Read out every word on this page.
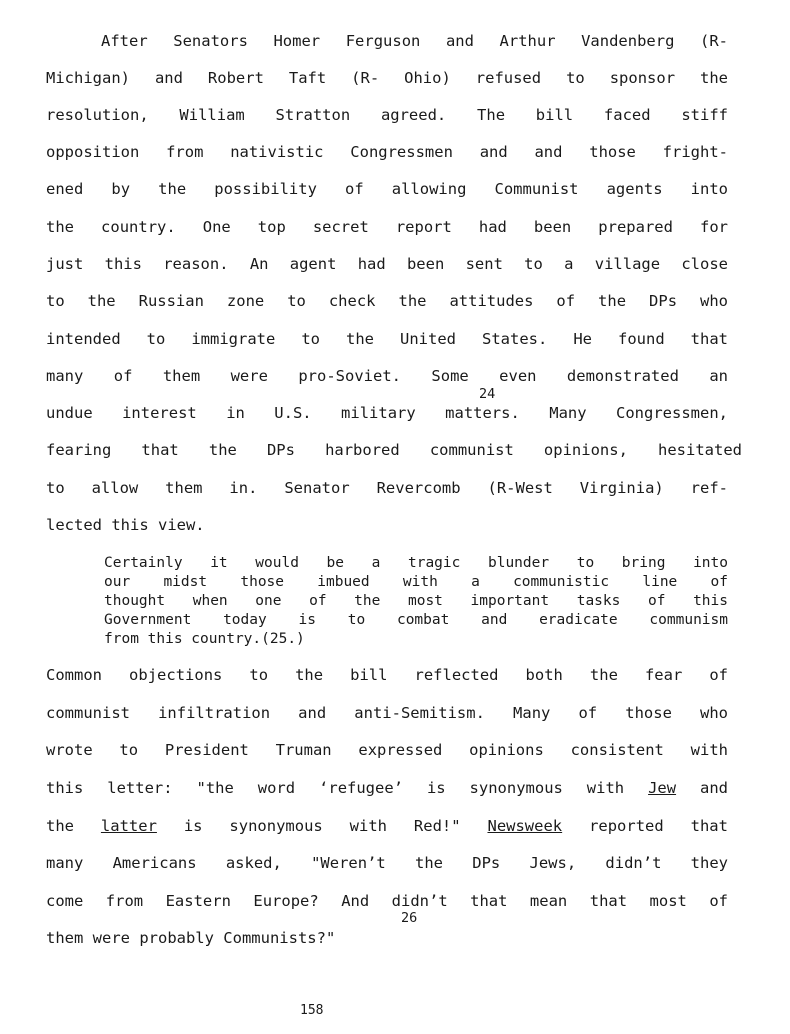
After Senators Homer Ferguson and Arthur Vandenberg (R-
Michigan) and Robert Taft (R- Ohio) refused to sponsor the
resolution, William Stratton agreed. The bill faced stiff
opposition from nativistic Congressmen and and those fright-
ened by the possibility of allowing Communist agents into
the country. One top secret report had been prepared for
just this reason. An agent had been sent to a village close
to the Russian zone to check the attitudes of the DPs who
intended to immigrate to the United States. He found that
many of them were pro-Soviet. Some even demonstrated an
24
undue interest in U.S. military matters. Many Congressmen,
fearing that the DPs harbored communist opinions, hesitated
to allow them in. Senator Revercomb (R-West Virginia) ref-
lected this view.
Certainly it would be a tragic blunder to bring into
our midst those imbued with a communistic line of
thought when one of the most important tasks of this
Government today is to combat and eradicate communism
from this country.(25.)
Common objections to the bill reflected both the fear of
communist infiltration and anti-Semitism. Many of those who
wrote to President Truman expressed opinions consistent with
this letter: "the word ‘refugee’ is synonymous with Jew and
the latter is synonymous with Red!" Newsweek reported that
many Americans asked, "Weren’t the DPs Jews, didn’t they
come from Eastern Europe? And didn’t that mean that most of
26
them were probably Communists?"
158
